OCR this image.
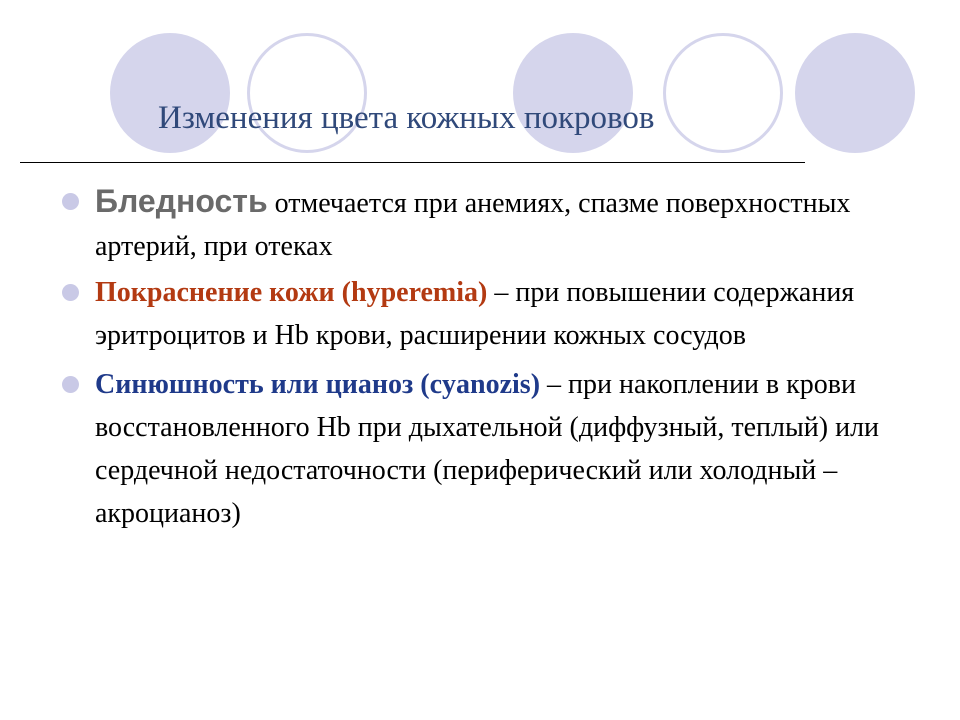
Изменения цвета кожных покровов
Бледность отмечается при анемиях, спазме поверхностных артерий, при отеках
Покраснение кожи (hyperemia) – при повышении содержания эритроцитов и Hb крови, расширении кожных сосудов
Синюшность или цианоз (cyanozis) – при накоплении в крови восстановленного Hb при дыхательной (диффузный, теплый) или сердечной недостаточности (периферический или холодный – акроцианоз)
